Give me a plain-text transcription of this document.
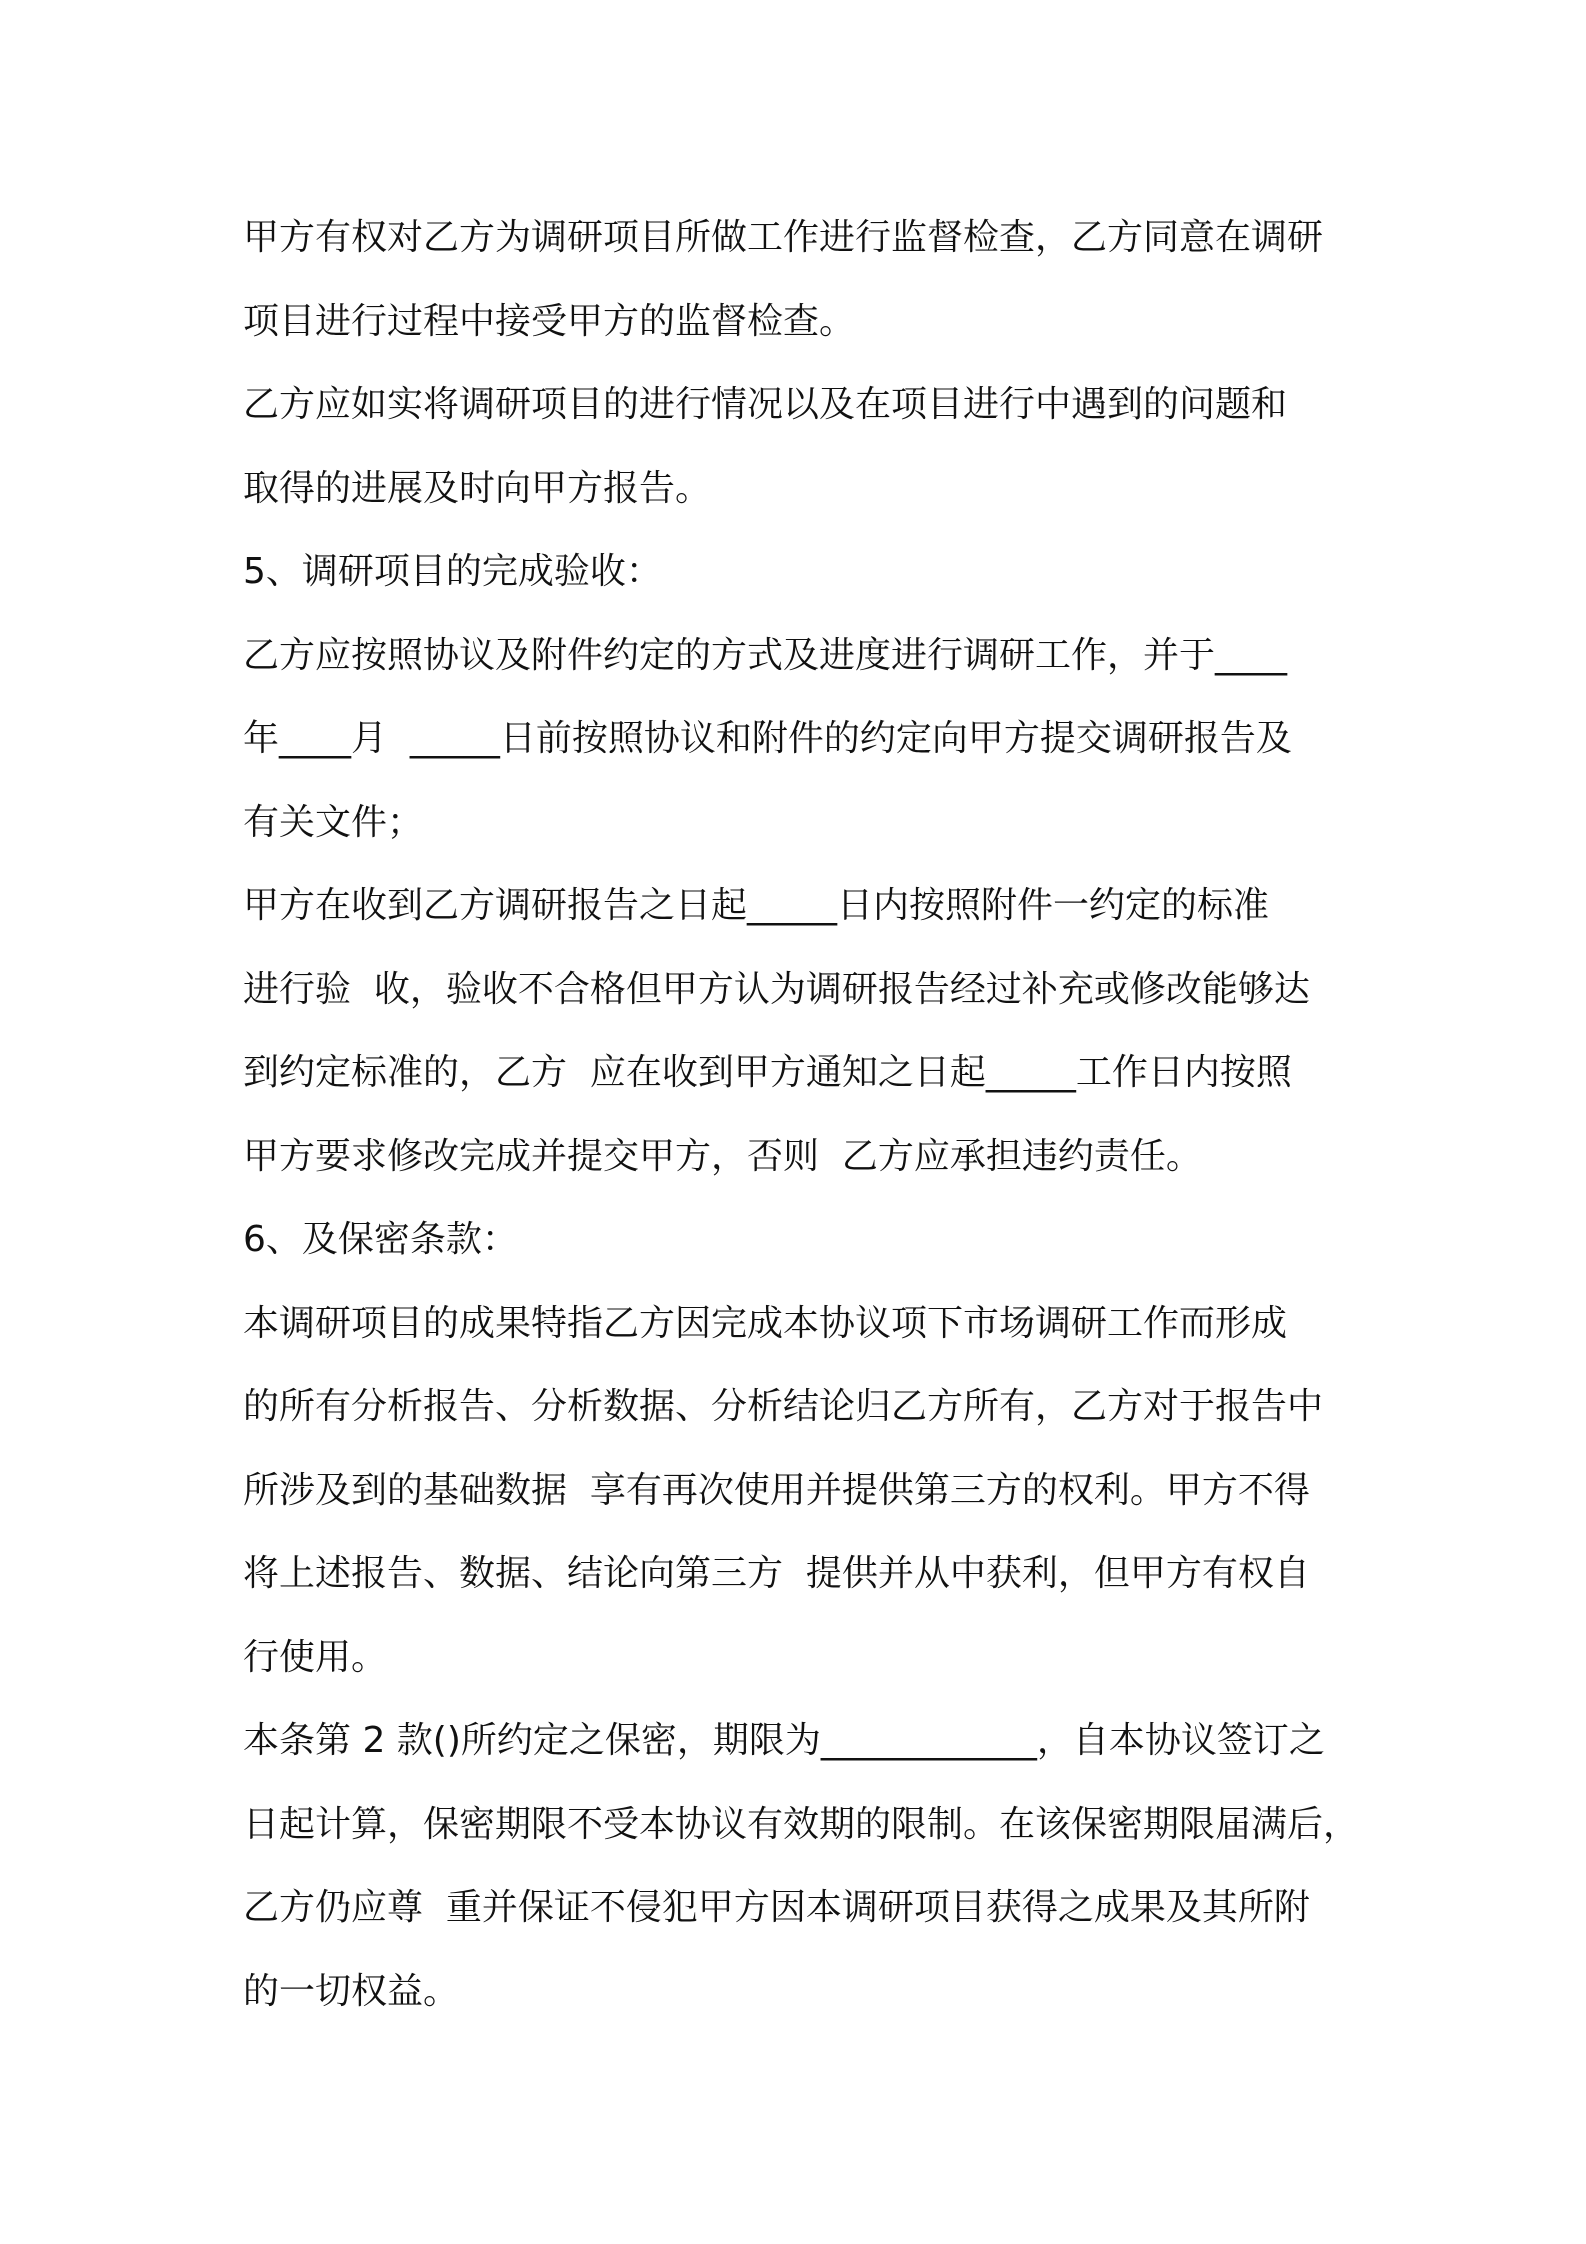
甲方有权对乙方为调研项目所做工作进行监督检查，乙方同意在调研
项目进行过程中接受甲方的监督检查。
乙方应如实将调研项目的进行情况以及在项目进行中遇到的问题和
取得的进展及时向甲方报告。
5、调研项目的完成验收：
乙方应按照协议及附件约定的方式及进度进行调研工作，并于____
年____月  _____日前按照协议和附件的约定向甲方提交调研报告及
有关文件；
甲方在收到乙方调研报告之日起_____日内按照附件一约定的标准
进行验  收，验收不合格但甲方认为调研报告经过补充或修改能够达
到约定标准的，乙方  应在收到甲方通知之日起_____工作日内按照
甲方要求修改完成并提交甲方，否则  乙方应承担违约责任。
6、及保密条款：
本调研项目的成果特指乙方因完成本协议项下市场调研工作而形成
的所有分析报告、分析数据、分析结论归乙方所有，乙方对于报告中
所涉及到的基础数据  享有再次使用并提供第三方的权利。甲方不得
将上述报告、数据、结论向第三方  提供并从中获利，但甲方有权自
行使用。
本条第 2 款()所约定之保密，期限为____________，自本协议签订之
日起计算，保密期限不受本协议有效期的限制。在该保密期限届满后，
乙方仍应尊  重并保证不侵犯甲方因本调研项目获得之成果及其所附
的一切权益。
